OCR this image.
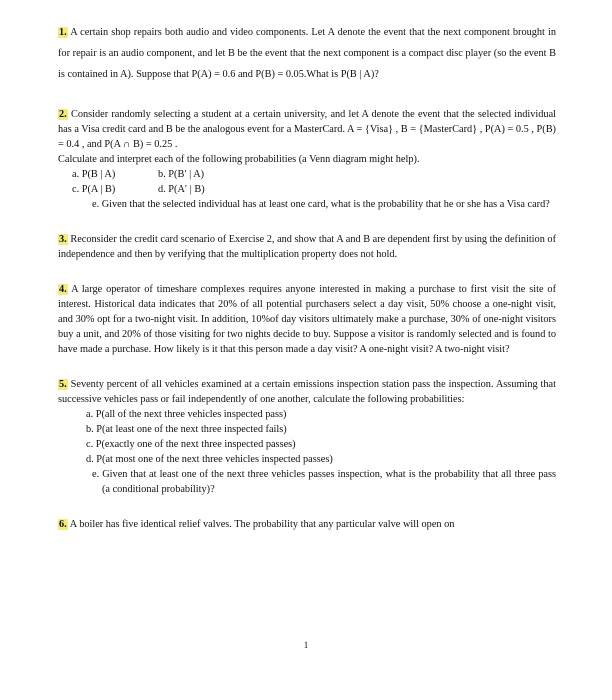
1. A certain shop repairs both audio and video components. Let A denote the event that the next component brought in for repair is an audio component, and let B be the event that the next component is a compact disc player (so the event B is contained in A). Suppose that P(A) = 0.6 and P(B) = 0.05.What is P(B | A)?
2. Consider randomly selecting a student at a certain university, and let A denote the event that the selected individual has a Visa credit card and B be the analogous event for a MasterCard. A = {Visa} , B = {MasterCard} , P(A) = 0.5 , P(B) = 0.4 , and P(A ∩ B) = 0.25 .
Calculate and interpret each of the following probabilities (a Venn diagram might help).
a. P(B | A)	b. P(B′ | A)
c. P(A | B)	d. P(A′ | B)
e. Given that the selected individual has at least one card, what is the probability that he or she has a Visa card?
3. Reconsider the credit card scenario of Exercise 2, and show that A and B are dependent first by using the definition of independence and then by verifying that the multiplication property does not hold.
4. A large operator of timeshare complexes requires anyone interested in making a purchase to first visit the site of interest. Historical data indicates that 20% of all potential purchasers select a day visit, 50% choose a one-night visit, and 30% opt for a two-night visit. In addition, 10%of day visitors ultimately make a purchase, 30% of one-night visitors buy a unit, and 20% of those visiting for two nights decide to buy. Suppose a visitor is randomly selected and is found to have made a purchase. How likely is it that this person made a day visit? A one-night visit? A two-night visit?
5. Seventy percent of all vehicles examined at a certain emissions inspection station pass the inspection. Assuming that successive vehicles pass or fail independently of one another, calculate the following probabilities:
a. P(all of the next three vehicles inspected pass)
b. P(at least one of the next three inspected fails)
c. P(exactly one of the next three inspected passes)
d. P(at most one of the next three vehicles inspected passes)
e. Given that at least one of the next three vehicles passes inspection, what is the probability that all three pass (a conditional probability)?
6. A boiler has five identical relief valves. The probability that any particular valve will open on
1
